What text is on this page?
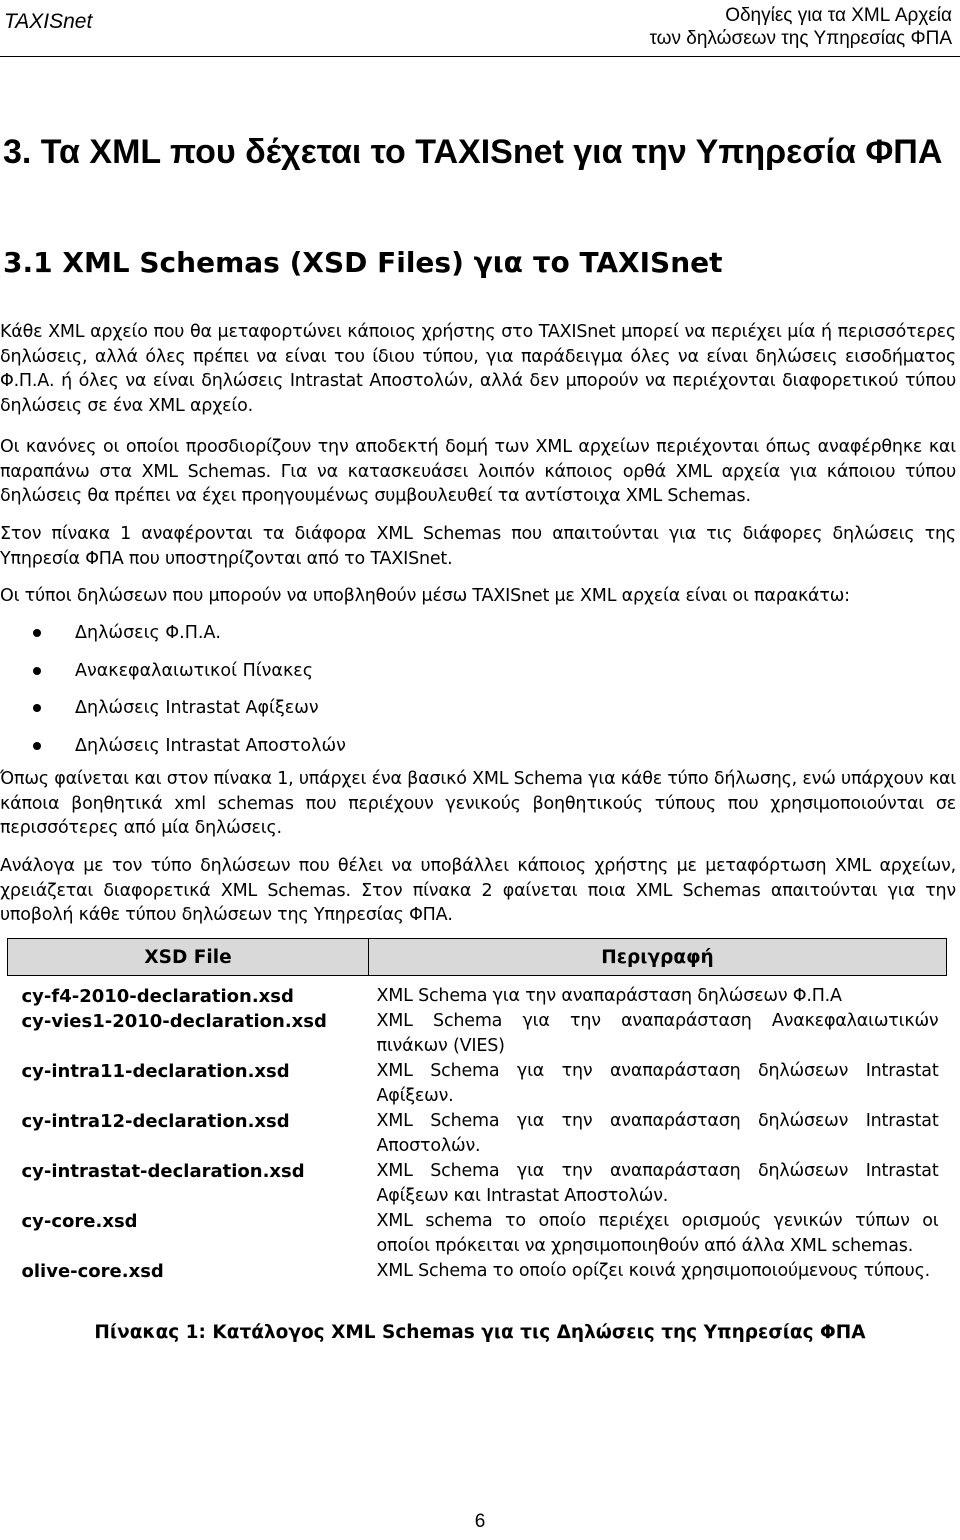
TAXISnet	Οδηγίες για τα XML Αρχεία
των δηλώσεων της Υπηρεσίας ΦΠΑ
3. Τα XML που δέχεται το TAXISnet για την Υπηρεσία ΦΠΑ
3.1 XML Schemas (XSD Files) για το TAXISnet

Κάθε XML αρχείο που θα μεταφορτώνει κάποιος χρήστης στο TAXISnet μπορεί να περιέχει μία ή περισσότερες δηλώσεις, αλλά όλες πρέπει να είναι του ίδιου τύπου, για παράδειγμα όλες να είναι δηλώσεις εισοδήματος Φ.Π.Α. ή όλες να είναι δηλώσεις Intrastat Αποστολών, αλλά δεν μπορούν να περιέχονται διαφορετικού τύπου δηλώσεις σε ένα XML αρχείο.

Οι κανόνες οι οποίοι προσδιορίζουν την αποδεκτή δομή των XML αρχείων περιέχονται όπως αναφέρθηκε και παραπάνω στα XML Schemas. Για να κατασκευάσει λοιπόν κάποιος ορθά XML αρχεία για κάποιου τύπου δηλώσεις θα πρέπει να έχει προηγουμένως συμβουλευθεί τα αντίστοιχα XML Schemas.

Στον πίνακα 1 αναφέρονται τα διάφορα XML Schemas που απαιτούνται για τις διάφορες δηλώσεις της Υπηρεσία ΦΠΑ που υποστηρίζονται από το TAXISnet.

Οι τύποι δηλώσεων που μπορούν να υποβληθούν μέσω TAXISnet με XML αρχεία είναι οι παρακάτω:

Δηλώσεις Φ.Π.Α.
Ανακεφαλαιωτικοί Πίνακες
Δηλώσεις Intrastat Αφίξεων
Δηλώσεις Intrastat Αποστολών

Όπως φαίνεται και στον πίνακα 1, υπάρχει ένα βασικό XML Schema για κάθε τύπο δήλωσης, ενώ υπάρχουν και κάποια βοηθητικά xml schemas που περιέχουν γενικούς βοηθητικούς τύπους που χρησιμοποιούνται σε περισσότερες από μία δηλώσεις.

Ανάλογα με τον τύπο δηλώσεων που θέλει να υποβάλλει κάποιος χρήστης με μεταφόρτωση XML αρχείων, χρειάζεται διαφορετικά XML Schemas. Στον πίνακα 2 φαίνεται ποια XML Schemas απαιτούνται για την υποβολή κάθε τύπου δηλώσεων της Υπηρεσίας ΦΠΑ.

XSD File	Περιγραφή

cy-f4-2010-declaration.xsd	XML Schema για την αναπαράσταση δηλώσεων Φ.Π.Α
cy-vies1-2010-declaration.xsd	XML Schema για την αναπαράσταση Ανακεφαλαιωτικών πινάκων (VIES)
cy-intra11-declaration.xsd	XML Schema για την αναπαράσταση δηλώσεων Intrastat Αφίξεων.
cy-intra12-declaration.xsd	XML Schema για την αναπαράσταση δηλώσεων Intrastat Αποστολών.
cy-intrastat-declaration.xsd	XML Schema για την αναπαράσταση δηλώσεων Intrastat Αφίξεων και Intrastat Αποστολών.
cy-core.xsd	XML schema το οποίο περιέχει ορισμούς γενικών τύπων οι οποίοι πρόκειται να χρησιμοποιηθούν από άλλα XML schemas.
olive-core.xsd	XML Schema το οποίο ορίζει κοινά χρησιμοποιούμενους τύπους.
Πίνακας 1: Κατάλογος XML Schemas για τις Δηλώσεις της Υπηρεσίας ΦΠΑ
6
